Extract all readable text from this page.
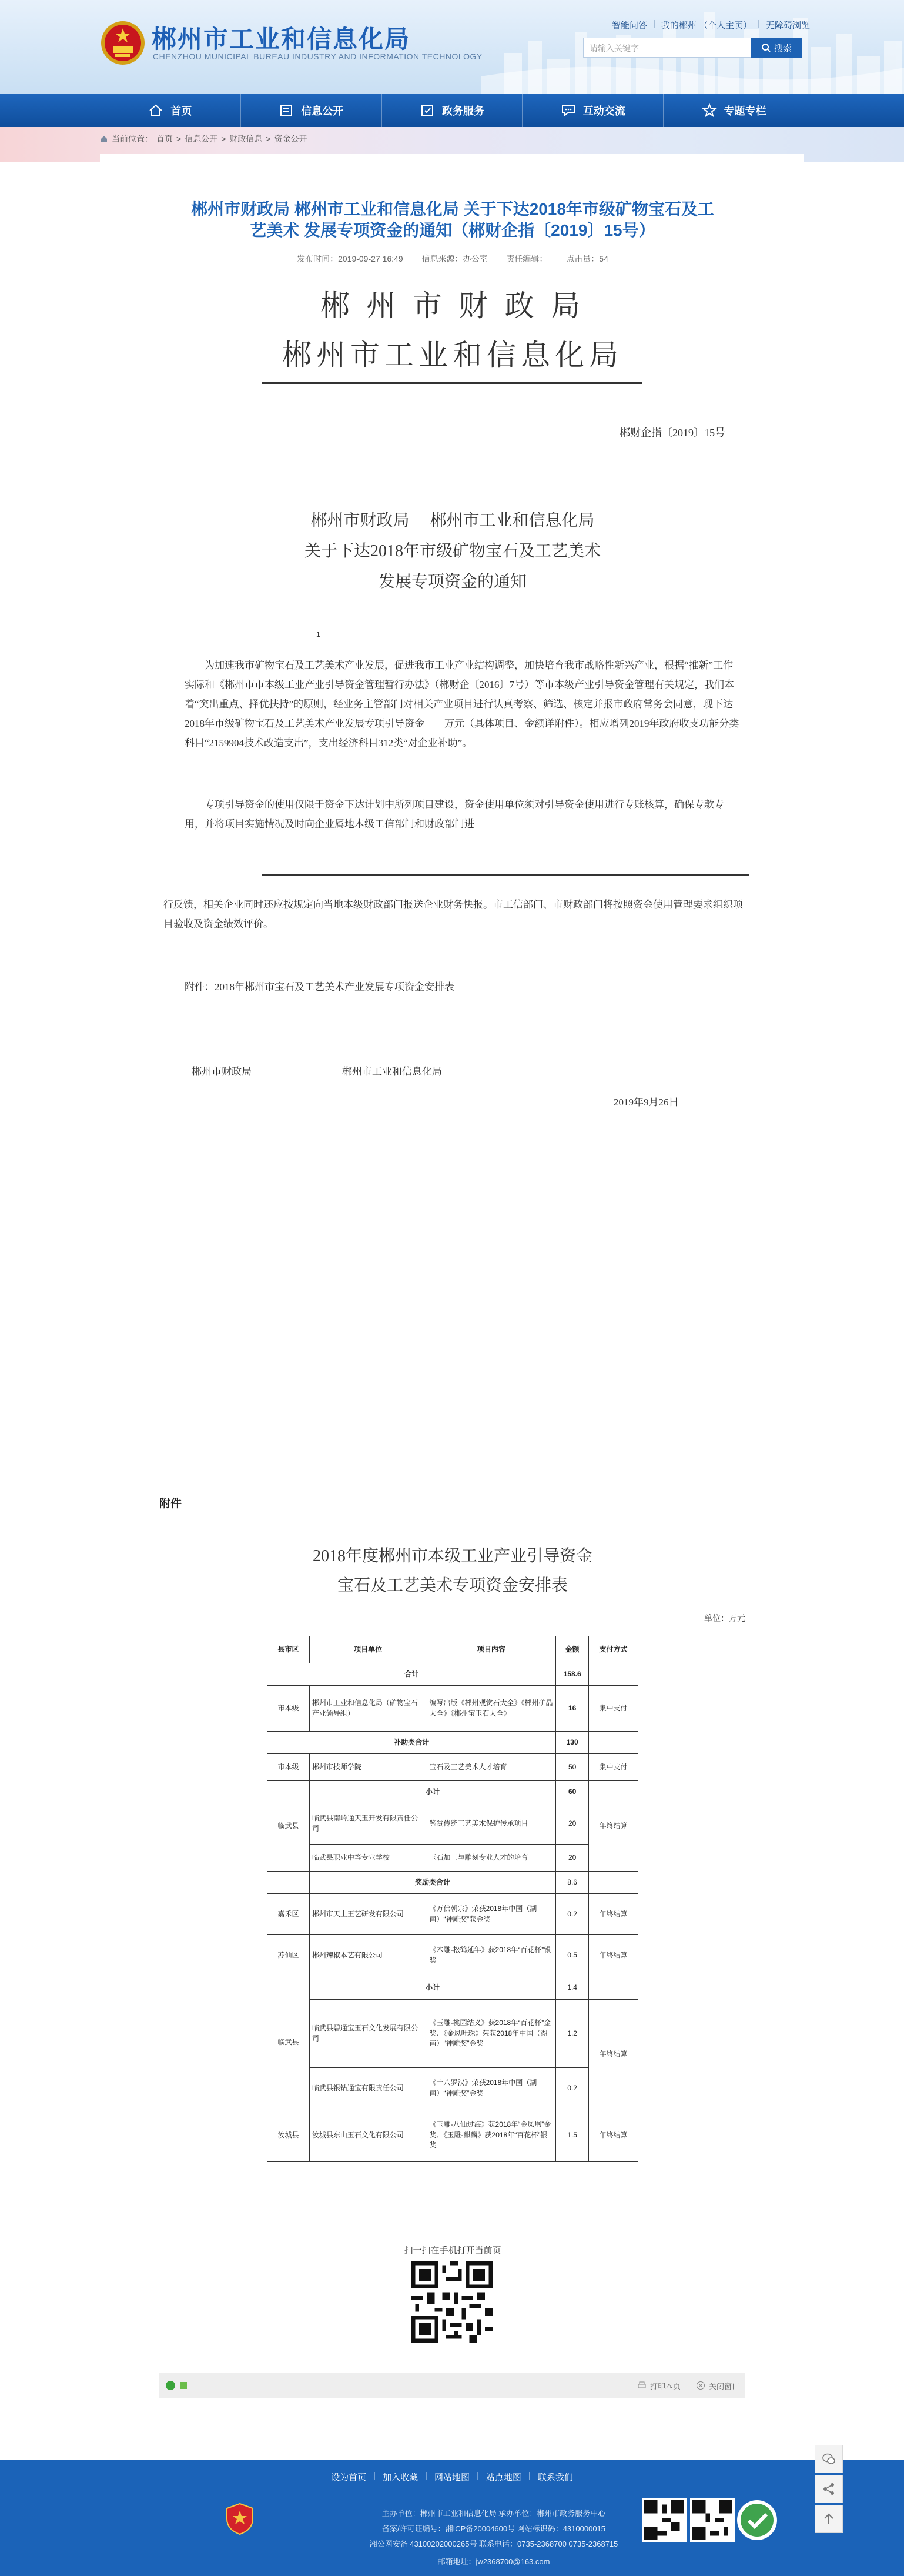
郴州市工业和信息化局
CHENZHOU MUNICIPAL BUREAU INDUSTRY AND INFORMATION TECHNOLOGY
智能问答 | 我的郴州 （个人主页） | 无障碍浏览
请输入关键字	搜索
首页	信息公开	政务服务	互动交流	专题专栏
当前位置： 首页 > 信息公开 > 财政信息 > 资金公开
郴州市财政局 郴州市工业和信息化局 关于下达2018年市级矿物宝石及工
艺美术 发展专项资金的通知（郴财企指〔2019〕15号）
发布时间：2019-09-27 16:49 信息来源：办公室 责任编辑： 点击量：54
郴 州 市 财 政 局
郴州市工业和信息化局
郴财企指〔2019〕15号
郴州市财政局　 郴州市工业和信息化局
关于下达2018年市级矿物宝石及工艺美术
发展专项资金的通知
1
为加速我市矿物宝石及工艺美术产业发展，促进我市工业产业结构调整，加快培育我市战略性新兴产业，根据“推新”工作实际和《郴州市市本级工业产业引导资金管理暂行办法》（郴财企〔2016〕7号）等市本级产业引导资金管理有关规定，我们本着“突出重点、择优扶持”的原则，经业务主管部门对相关产业项目进行认真考察、筛选、核定并报市政府常务会同意，现下达2018年市级矿物宝石及工艺美术产业发展专项引导资金　　万元（具体项目、金额详附件）。相应增列2019年政府收支功能分类科目“2159904技术改造支出”，支出经济科目312类“对企业补助”。
专项引导资金的使用仅限于资金下达计划中所列项目建设，资金使用单位须对引导资金使用进行专账核算，确保专款专用，并将项目实施情况及时向企业属地本级工信部门和财政部门进
行反馈，相关企业同时还应按规定向当地本级财政部门报送企业财务快报。市工信部门、市财政部门将按照资金使用管理要求组织项目验收及资金绩效评价。
附件：2018年郴州市宝石及工艺美术产业发展专项资金安排表
郴州市财政局	郴州市工业和信息化局
2019年9月26日
附件
2018年度郴州市本级工业产业引导资金
宝石及工艺美术专项资金安排表
单位：万元
县市区	项目单位	项目内容	金额	支付方式
合计			158.6	
市本级	郴州市工业和信息化局（矿物宝石产业领导组）	编写出版《郴州观赏石大全》《郴州矿晶大全》《郴州宝玉石大全》	16	集中支付
补助类合计			130	
市本级	郴州市技师学院	宝石及工艺美术人才培育	50	集中支付
临武县	小计		60	年终结算
	临武县南岭通天玉开发有限责任公司	鉴赏传统工艺美术保护传承项目	20	
	临武县职业中等专业学校	玉石加工与雕刻专业人才的培育	20	
	奖励类合计		8.6	
嘉禾区	郴州市天上王艺研发有限公司	《万佛朝宗》荣获2018年中国（湖南）“神雕奖”获金奖	0.2	年终结算
苏仙区	郴州辣椒本艺有限公司	《木雕-松鹤延年》获2018年“百花杯”银奖	0.5	年终结算
临武县	小计		1.4	
	临武县碧通宝玉石文化发展有限公司	《玉雕-桃园结义》获2018年“百花杯”金奖、《金凤吐珠》荣获2018年中国（湖南）“神雕奖”金奖	1.2	年终结算
	临武县银钻通宝有限责任公司	《十八罗汉》荣获2018年中国（湖南）“神雕奖”金奖	0.2	
汝城县	汝城县东山玉石文化有限公司	《玉雕-八仙过海》获2018年“金凤凰”金奖、《玉雕-麒麟》获2018年“百花杯”银奖	1.5	年终结算
扫一扫在手机打开当前页
打印本页	关闭窗口
设为首页 | 加入收藏 | 网站地图 | 站点地图 | 联系我们
主办单位：郴州市工业和信息化局 承办单位：郴州市政务服务中心
备案/许可证编号：湘ICP备20004600号 网站标识码：4310000015
湘公网安备 43100202000265号 联系电话：0735-2368700 0735-2368715
邮箱地址：jw2368700@163.com
